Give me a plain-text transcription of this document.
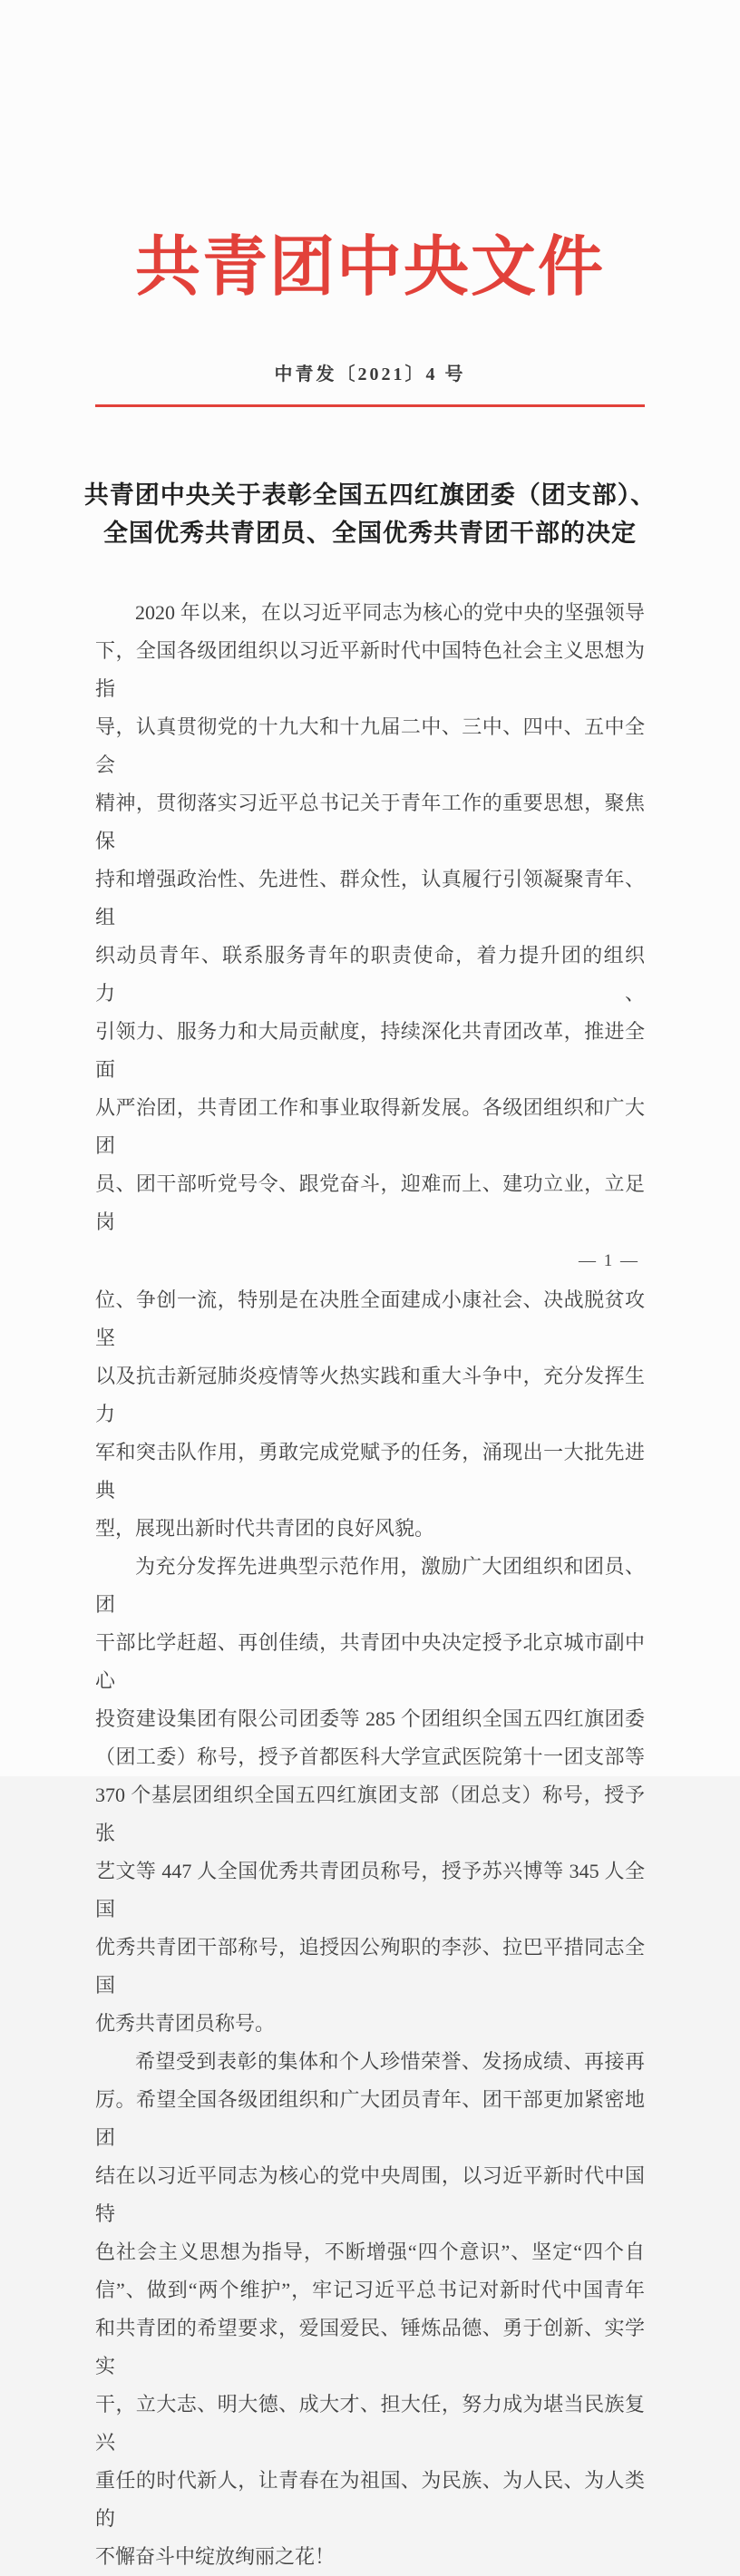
共青团中央文件
中青发〔2021〕4 号
共青团中央关于表彰全国五四红旗团委（团支部）、
全国优秀共青团员、全国优秀共青团干部的决定
2020 年以来，在以习近平同志为核心的党中央的坚强领导
下，全国各级团组织以习近平新时代中国特色社会主义思想为指
导，认真贯彻党的十九大和十九届二中、三中、四中、五中全会
精神，贯彻落实习近平总书记关于青年工作的重要思想，聚焦保
持和增强政治性、先进性、群众性，认真履行引领凝聚青年、组
织动员青年、联系服务青年的职责使命，着力提升团的组织力、
引领力、服务力和大局贡献度，持续深化共青团改革，推进全面
从严治团，共青团工作和事业取得新发展。各级团组织和广大团
员、团干部听党号令、跟党奋斗，迎难而上、建功立业，立足岗
— 1 —
位、争创一流，特别是在决胜全面建成小康社会、决战脱贫攻坚
以及抗击新冠肺炎疫情等火热实践和重大斗争中，充分发挥生力
军和突击队作用，勇敢完成党赋予的任务，涌现出一大批先进典
型，展现出新时代共青团的良好风貌。
为充分发挥先进典型示范作用，激励广大团组织和团员、团
干部比学赶超、再创佳绩，共青团中央决定授予北京城市副中心
投资建设集团有限公司团委等 285 个团组织全国五四红旗团委
（团工委）称号，授予首都医科大学宣武医院第十一团支部等
370 个基层团组织全国五四红旗团支部（团总支）称号，授予张
艺文等 447 人全国优秀共青团员称号，授予苏兴博等 345 人全国
优秀共青团干部称号，追授因公殉职的李莎、拉巴平措同志全国
优秀共青团员称号。
希望受到表彰的集体和个人珍惜荣誉、发扬成绩、再接再
厉。希望全国各级团组织和广大团员青年、团干部更加紧密地团
结在以习近平同志为核心的党中央周围，以习近平新时代中国特
色社会主义思想为指导，不断增强“四个意识”、坚定“四个自
信”、做到“两个维护”，牢记习近平总书记对新时代中国青年
和共青团的希望要求，爱国爱民、锤炼品德、勇于创新、实学实
干，立大志、明大德、成大才、担大任，努力成为堪当民族复兴
重任的时代新人，让青春在为祖国、为民族、为人民、为人类的
不懈奋斗中绽放绚丽之花！
